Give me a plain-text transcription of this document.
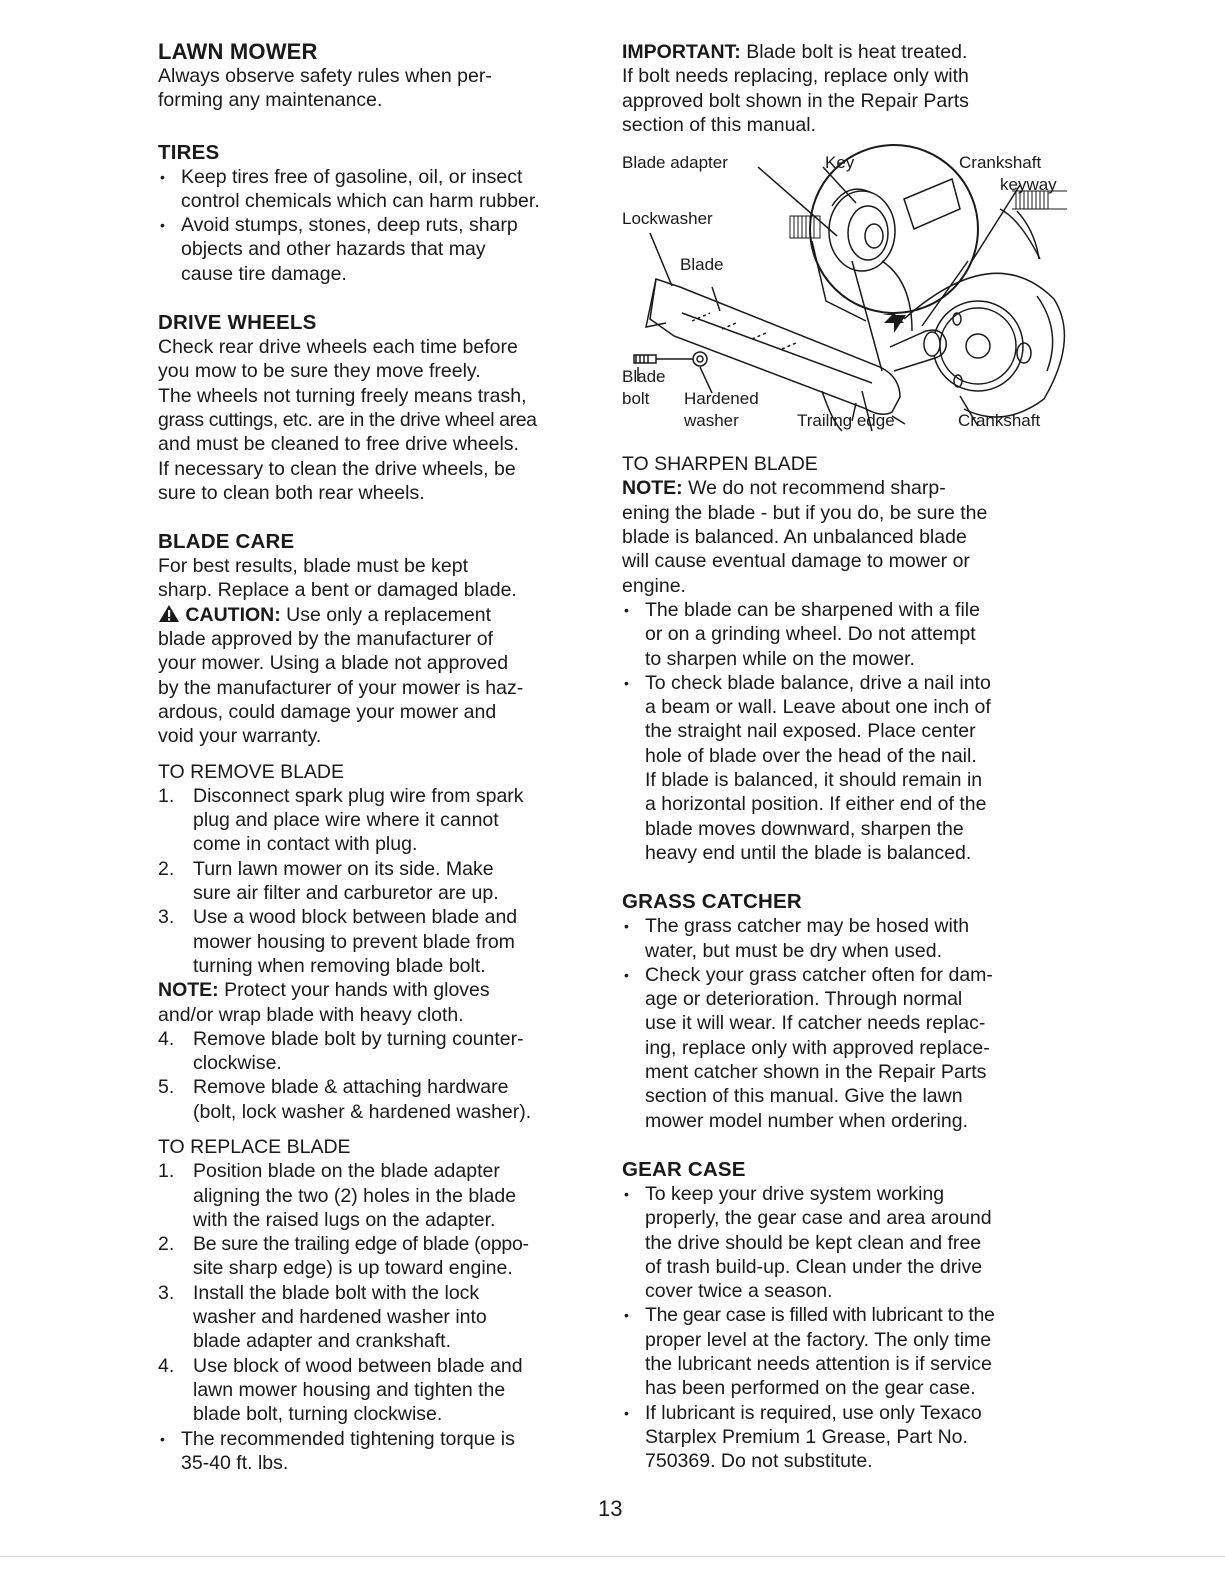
LAWN MOWER

Always observe safety rules when per-
forming any maintenance.

TIRES
• Keep tires free of gasoline, oil, or insect
control chemicals which can harm rubber.
• Avoid stumps, stones, deep ruts, sharp
objects and other hazards that may
cause tire damage.
DRIVE WHEELS

Check rear drive wheels each time before
you mow to be sure they move freely.
The wheels not turning freely means trash,
grass cuttings, etc. are in the drive wheel area
and must be cleaned to free drive wheels.
If necessary to clean the drive wheels, be
sure to clean both rear wheels.

BLADE CARE

For best results, blade must be kept
sharp. Replace a bent or damaged blade.
CAUTION: Use only a replacement
blade approved by the manufacturer of
your mower. Using a blade not approved
by the manufacturer of your mower is haz-
ardous, could damage your mower and
void your warranty.

TO REMOVE BLADE
1. Disconnect spark plug wire from spark
plug and place wire where it cannot
come in contact with plug.
2. Turn lawn mower on its side. Make
sure air filter and carburetor are up.
3. Use a wood block between blade and
mower housing to prevent blade from
turning when removing blade bolt.

NOTE: Protect your hands with gloves
and/or wrap blade with heavy cloth.

4. Remove blade bolt by turning counter-
clockwise.
5. Remove blade & attaching hardware
(bolt, lock washer & hardened washer).
TO REPLACE BLADE
1. Position blade on the blade adapter
aligning the two (2) holes in the blade
with the raised lugs on the adapter.
2. Be sure the trailing edge of blade (oppo-
site sharp edge) is up toward engine.
3. Install the blade bolt with the lock
washer and hardened washer into
blade adapter and crankshaft.
4. Use block of wood between blade and
lawn mower housing and tighten the
blade bolt, turning clockwise.
• The recommended tightening torque is
35-40 ft. lbs.

IMPORTANT: Blade bolt is heat treated.
If bolt needs replacing, replace only with
approved bolt shown in the Repair Parts
section of this manual.

Blade adapter	Key	Crankshaft
keyway
Lockwasher
Blade
Blade
bolt Hardened
washer	Trailing edge	Crankshaft
TO SHARPEN BLADE

NOTE: We do not recommend sharp-
ening the blade - but if you do, be sure the
blade is balanced. An unbalanced blade
will cause eventual damage to mower or
engine.

• The blade can be sharpened with a file
or on a grinding wheel. Do not attempt
to sharpen while on the mower.
• To check blade balance, drive a nail into
a beam or wall. Leave about one inch of
the straight nail exposed. Place center
hole of blade over the head of the nail.
If blade is balanced, it should remain in
a horizontal position. If either end of the
blade moves downward, sharpen the
heavy end until the blade is balanced.
GRASS CATCHER
• The grass catcher may be hosed with
water, but must be dry when used.
• Check your grass catcher often for dam-
age or deterioration. Through normal
use it will wear. If catcher needs replac-
ing, replace only with approved replace-
ment catcher shown in the Repair Parts
section of this manual. Give the lawn
mower model number when ordering.
GEAR CASE
• To keep your drive system working
properly, the gear case and area around
the drive should be kept clean and free
of trash build-up. Clean under the drive
cover twice a season.
• The gear case is filled with lubricant to the
proper level at the factory. The only time
the lubricant needs attention is if service
has been performed on the gear case.
• If lubricant is required, use only Texaco
Starplex Premium 1 Grease, Part No.
750369. Do not substitute.
13
